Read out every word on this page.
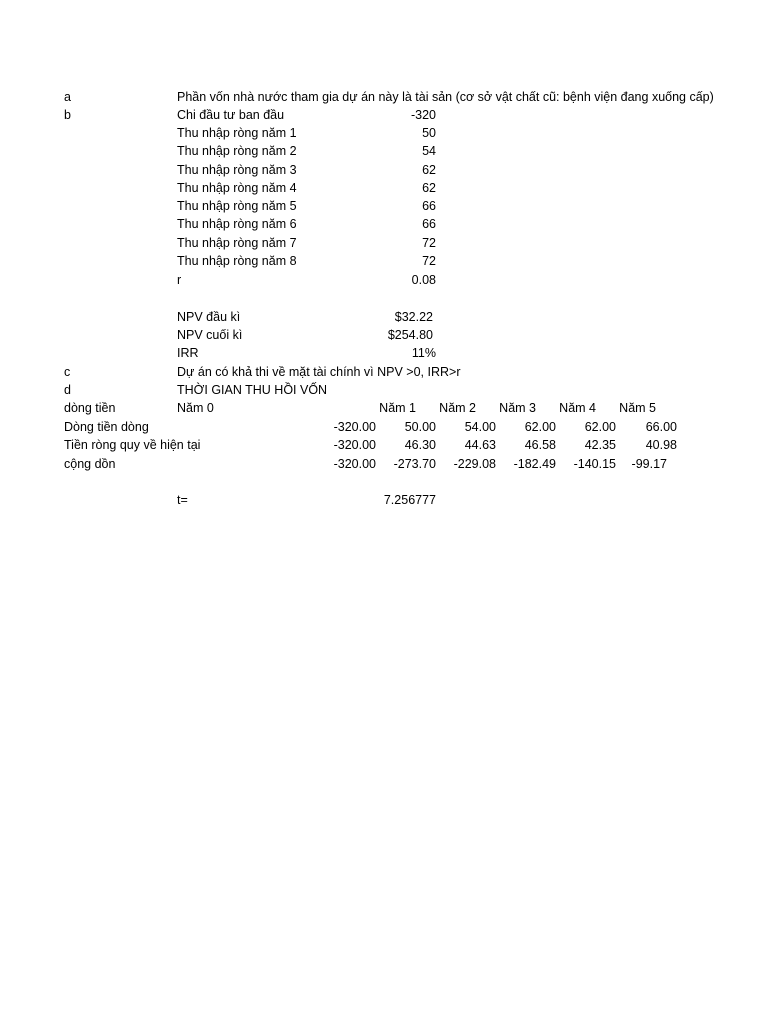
a	Phần vốn nhà nước tham gia dự án này là tài sản (cơ sở vật chất cũ: bệnh viện đang xuống cấp)
b	Chi đầu tư ban đầu	-320
Thu nhập ròng năm 1	50
Thu nhập ròng năm 2	54
Thu nhập ròng năm 3	62
Thu nhập ròng năm 4	62
Thu nhập ròng năm 5	66
Thu nhập ròng năm 6	66
Thu nhập ròng năm 7	72
Thu nhập ròng năm 8	72
r	0.08
NPV đầu kì	$32.22
NPV cuối kì	$254.80
IRR	11%
c	Dự án có khả thi về mặt tài chính vì NPV >0, IRR>r
d	THỜI GIAN THU HỒI VỐN
dòng tiền	Năm 0	Năm 1	Năm 2	Năm 3	Năm 4	Năm 5
Dòng tiền dòng	-320.00	50.00	54.00	62.00	62.00	66.00
Tiền ròng quy về hiện tại	-320.00	46.30	44.63	46.58	42.35	40.98
cộng dồn	-320.00	-273.70	-229.08	-182.49	-140.15	-99.17
t=	7.256777
